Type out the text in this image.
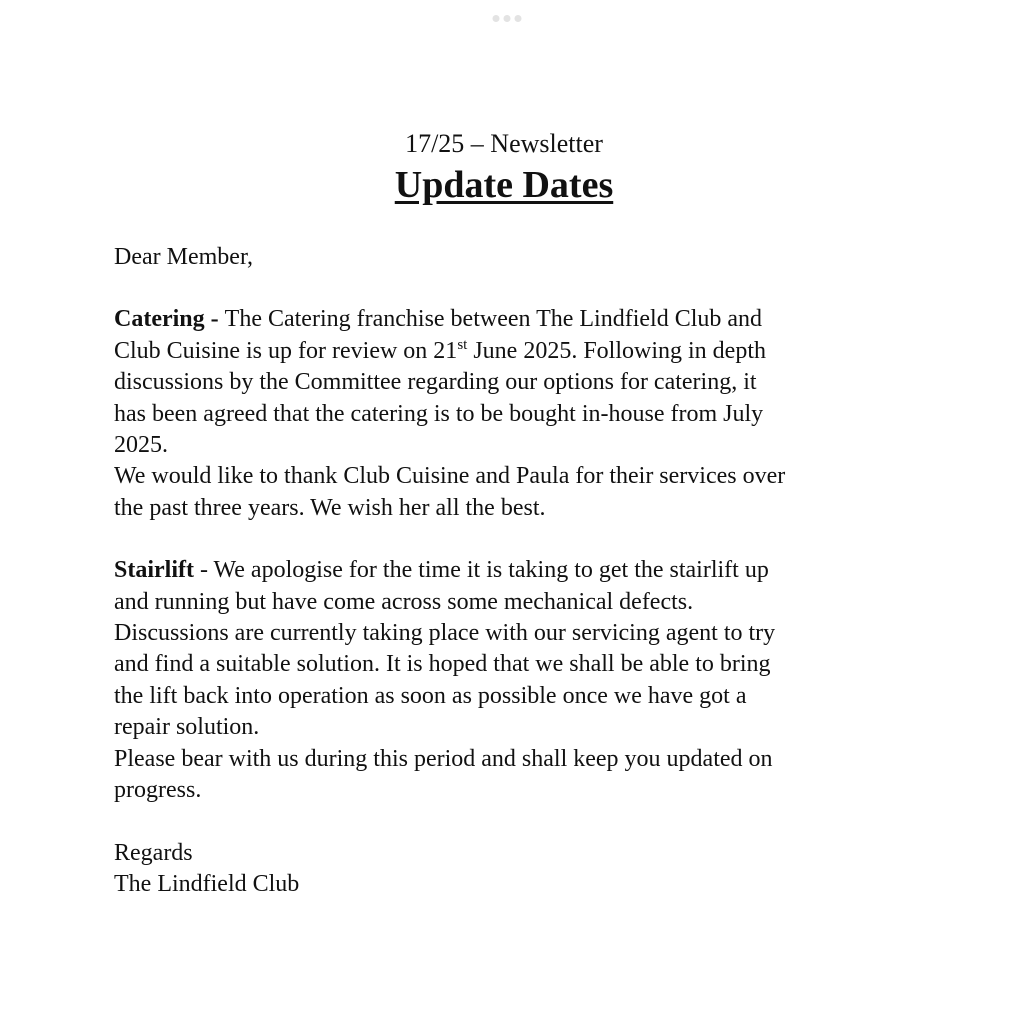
17/25 – Newsletter

Update Dates

Dear Member,

Catering - The Catering franchise between The Lindfield Club and
Club Cuisine is up for review on 21st June 2025. Following in depth
discussions by the Committee regarding our options for catering, it
has been agreed that the catering is to be bought in-house from July
2025.
We would like to thank Club Cuisine and Paula for their services over
the past three years. We wish her all the best.

Stairlift - We apologise for the time it is taking to get the stairlift up
and running but have come across some mechanical defects.
Discussions are currently taking place with our servicing agent to try
and find a suitable solution. It is hoped that we shall be able to bring
the lift back into operation as soon as possible once we have got a
repair solution.
Please bear with us during this period and shall keep you updated on
progress.

Regards
The Lindfield Club
